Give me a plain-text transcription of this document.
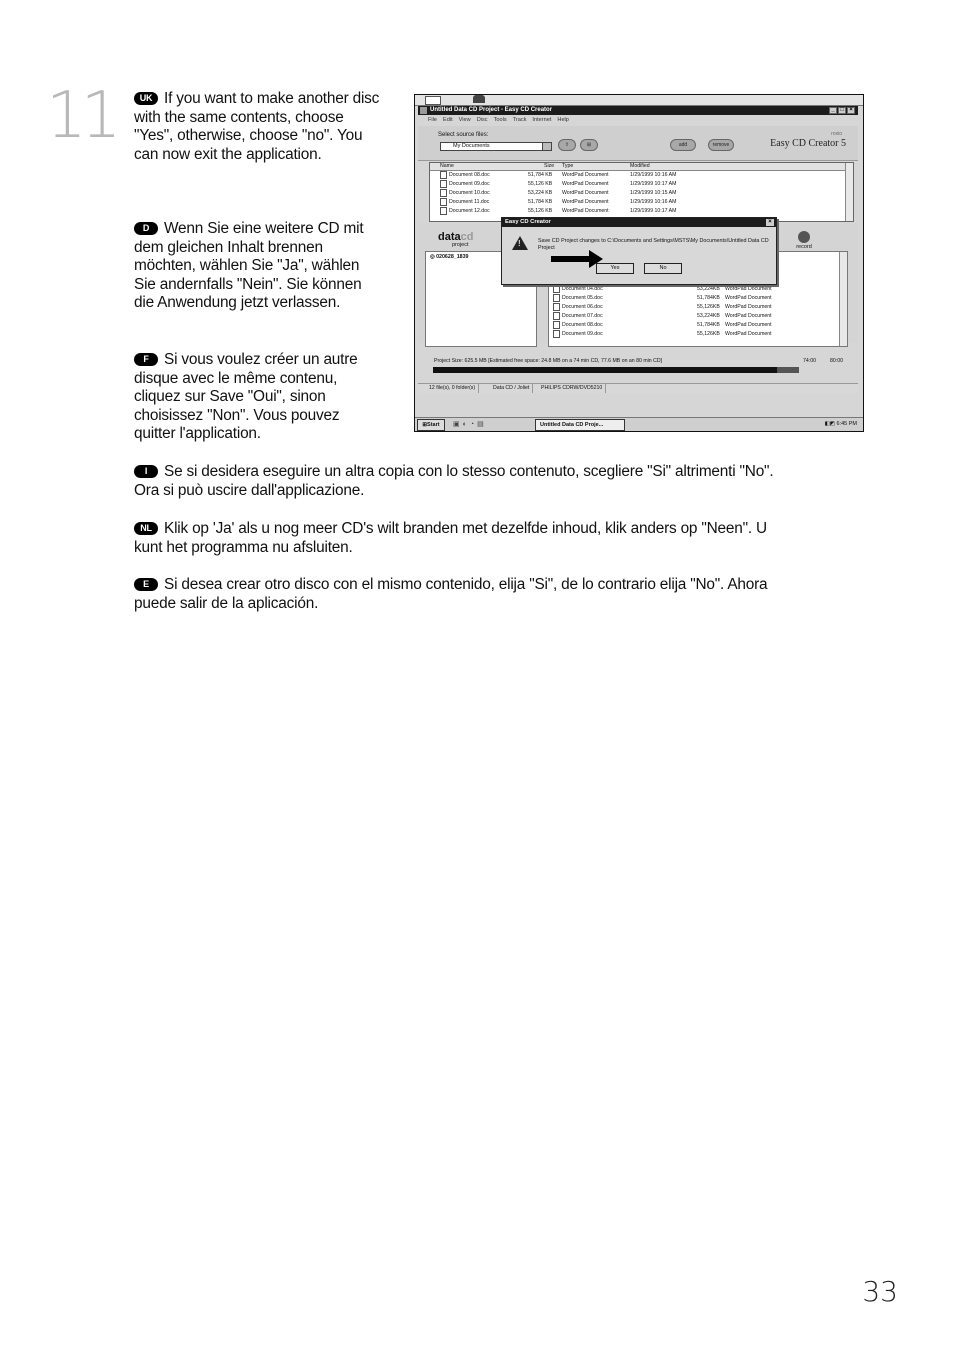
11	UK If you want to make another disc with the same contents, choose "Yes", otherwise, choose "no". You can now exit the application.
D Wenn Sie eine weitere CD mit dem gleichen Inhalt brennen möchten, wählen Sie "Ja", wählen Sie andernfalls "Nein". Sie können die Anwendung jetzt verlassen.
F Si vous voulez créer un autre disque avec le même contenu, cliquez sur Save "Oui", sinon choisissez "Non". Vous pouvez quitter l'application.
I Se si desidera eseguire un altra copia con lo stesso contenuto, scegliere "Si" altrimenti "No". Ora si può uscire dall'applicazione.
NL Klik op 'Ja' als u nog meer CD's wilt branden met dezelfde inhoud, klik anders op "Neen". U kunt het programma nu afsluiten.
E Si desea crear otro disco con el mismo contenido, elija "Si", de lo contrario elija "No". Ahora puede salir de la aplicación.
Untitled Data CD Project - Easy CD Creator	_ □ ×
File Edit View Disc Tools Track Internet Help
Select source files:
My Documents	⇧	⊞	add	remove
roxio
Easy CD Creator 5
Name	Size Type	Modified
Document 08.doc	51,784 KB WordPad Document	1/29/1999 10:16 AM
Document 09.doc	55,126 KB WordPad Document	1/29/1999 10:17 AM
Document 10.doc	53,224 KB WordPad Document	1/29/1999 10:15 AM
Document 11.doc	51,784 KB WordPad Document	1/29/1999 10:16 AM
Document 12.doc	55,126 KB WordPad Document	1/29/1999 10:17 AM
datacd
project	record
◎ 020628_1839
Document 04.doc	53,224KB WordPad Document
Document 05.doc	51,784KB WordPad Document
Document 06.doc	55,126KB WordPad Document
Document 07.doc	53,224KB WordPad Document
Document 08.doc	51,784KB WordPad Document
Document 09.doc	55,126KB WordPad Document
Easy CD Creator	×
!	Save CD Project changes to C:\Documents and Settings\MSTS\My Documents\Untitled Data CD Project
Yes	No
Project Size: 625.5 MB [Estimated free space: 24.8 MB on a 74 min CD, 77.6 MB on an 80 min CD]	74:00	80:00
12 file(s), 0 folder(s)	Data CD / Joliet	PHILIPS CDRW/DVD5210
⊞Start	▣◐◔▤	Untitled Data CD Proje...	◧◩ 6:45 PM
33
